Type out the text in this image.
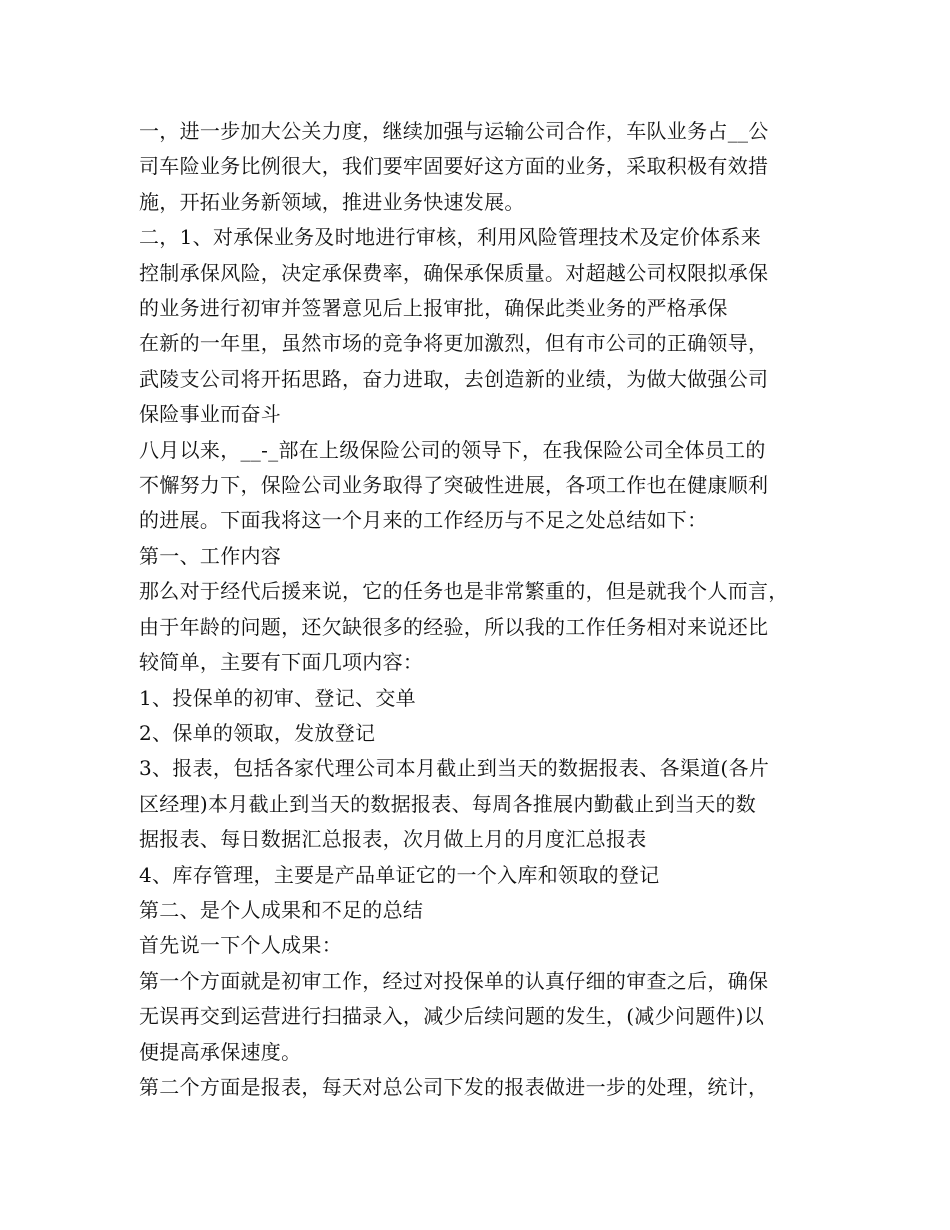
一，进一步加大公关力度，继续加强与运输公司合作，车队业务占__公
司车险业务比例很大，我们要牢固要好这方面的业务，采取积极有效措
施，开拓业务新领域，推进业务快速发展。
二，1、对承保业务及时地进行审核，利用风险管理技术及定价体系来
控制承保风险，决定承保费率，确保承保质量。对超越公司权限拟承保
的业务进行初审并签署意见后上报审批，确保此类业务的严格承保
在新的一年里，虽然市场的竞争将更加激烈，但有市公司的正确领导，
武陵支公司将开拓思路，奋力进取，去创造新的业绩，为做大做强公司
保险事业而奋斗
八月以来，__-_部在上级保险公司的领导下，在我保险公司全体员工的
不懈努力下，保险公司业务取得了突破性进展，各项工作也在健康顺利
的进展。下面我将这一个月来的工作经历与不足之处总结如下：
第一、工作内容
那么对于经代后援来说，它的任务也是非常繁重的，但是就我个人而言，
由于年龄的问题，还欠缺很多的经验，所以我的工作任务相对来说还比
较简单，主要有下面几项内容：
1、投保单的初审、登记、交单
2、保单的领取，发放登记
3、报表，包括各家代理公司本月截止到当天的数据报表、各渠道(各片
区经理)本月截止到当天的数据报表、每周各推展内勤截止到当天的数
据报表、每日数据汇总报表，次月做上月的月度汇总报表
4、库存管理，主要是产品单证它的一个入库和领取的登记
第二、是个人成果和不足的总结
首先说一下个人成果：
第一个方面就是初审工作，经过对投保单的认真仔细的审查之后，确保
无误再交到运营进行扫描录入，减少后续问题的发生，(减少问题件)以
便提高承保速度。
第二个方面是报表，每天对总公司下发的报表做进一步的处理，统计，
